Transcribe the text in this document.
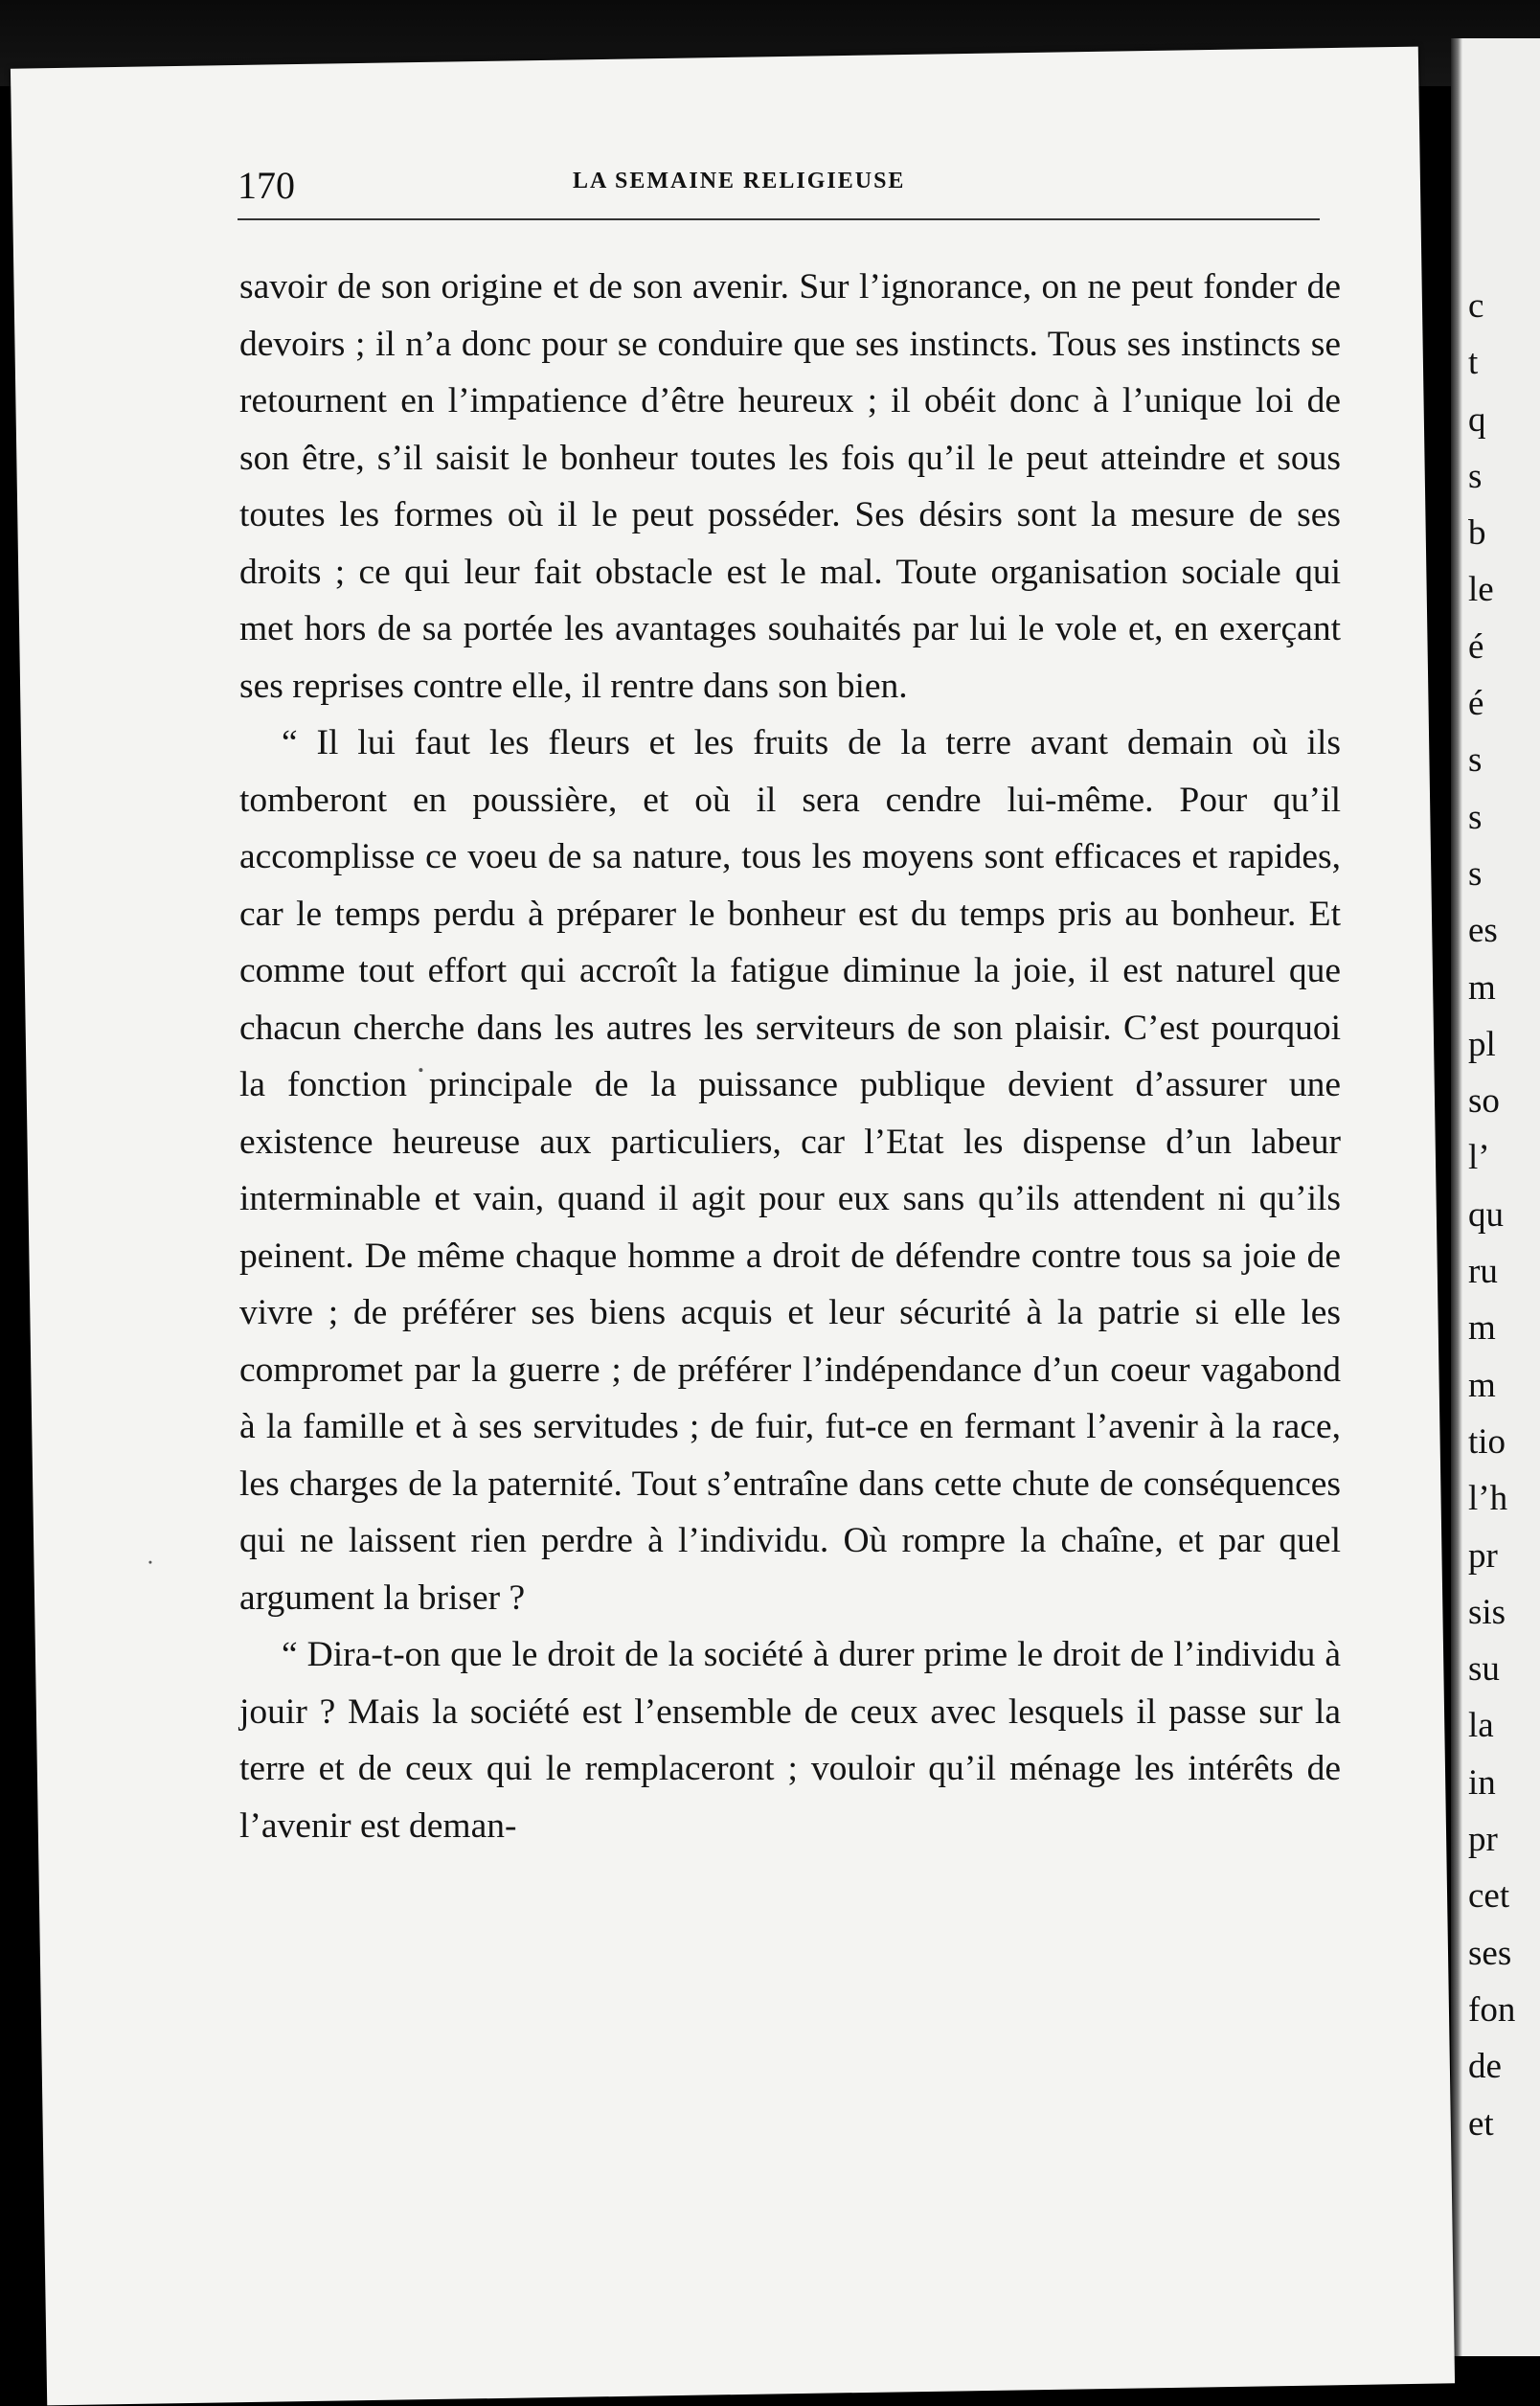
c
t
q
s
b
le
é
é
s
s
s
es
m
pl
so
l’
qu
ru
m
m
tio
l’h
pr
sis
su
la
in
pr
cet
ses
fon
de
et
170	LA SEMAINE RELIGIEUSE

savoir de son origine et de son avenir. Sur l’ignorance, on ne peut fonder de devoirs ; il n’a donc pour se conduire que ses instincts. Tous ses instincts se retournent en l’impatience d’être heureux ; il obéit donc à l’unique loi de son être, s’il saisit le bonheur toutes les fois qu’il le peut atteindre et sous toutes les formes où il le peut posséder. Ses désirs sont la mesure de ses droits ; ce qui leur fait obstacle est le mal. Toute organisation sociale qui met hors de sa portée les avantages souhaités par lui le vole et, en exerçant ses reprises contre elle, il rentre dans son bien.

“ Il lui faut les fleurs et les fruits de la terre avant demain où ils tomberont en poussière, et où il sera cendre lui-même. Pour qu’il accomplisse ce voeu de sa nature, tous les moyens sont efficaces et rapides, car le temps perdu à préparer le bonheur est du temps pris au bonheur. Et comme tout effort qui accroît la fatigue diminue la joie, il est naturel que chacun cherche dans les autres les serviteurs de son plaisir. C’est pourquoi la fonction principale de la puissance publique devient d’assurer une existence heureuse aux particuliers, car l’Etat les dispense d’un labeur interminable et vain, quand il agit pour eux sans qu’ils attendent ni qu’ils peinent. De même chaque homme a droit de défendre contre tous sa joie de vivre ; de préférer ses biens acquis et leur sécurité à la patrie si elle les compromet par la guerre ; de préférer l’indépendance d’un coeur vagabond à la famille et à ses servitudes ; de fuir, fut-ce en fermant l’avenir à la race, les charges de la paternité. Tout s’entraîne dans cette chute de conséquences qui ne laissent rien perdre à l’individu. Où rompre la chaîne, et par quel argument la briser ?

“ Dira-t-on que le droit de la société à durer prime le droit de l’individu à jouir ? Mais la société est l’ensemble de ceux avec lesquels il passe sur la terre et de ceux qui le remplaceront ; vouloir qu’il ménage les intérêts de l’avenir est deman-
